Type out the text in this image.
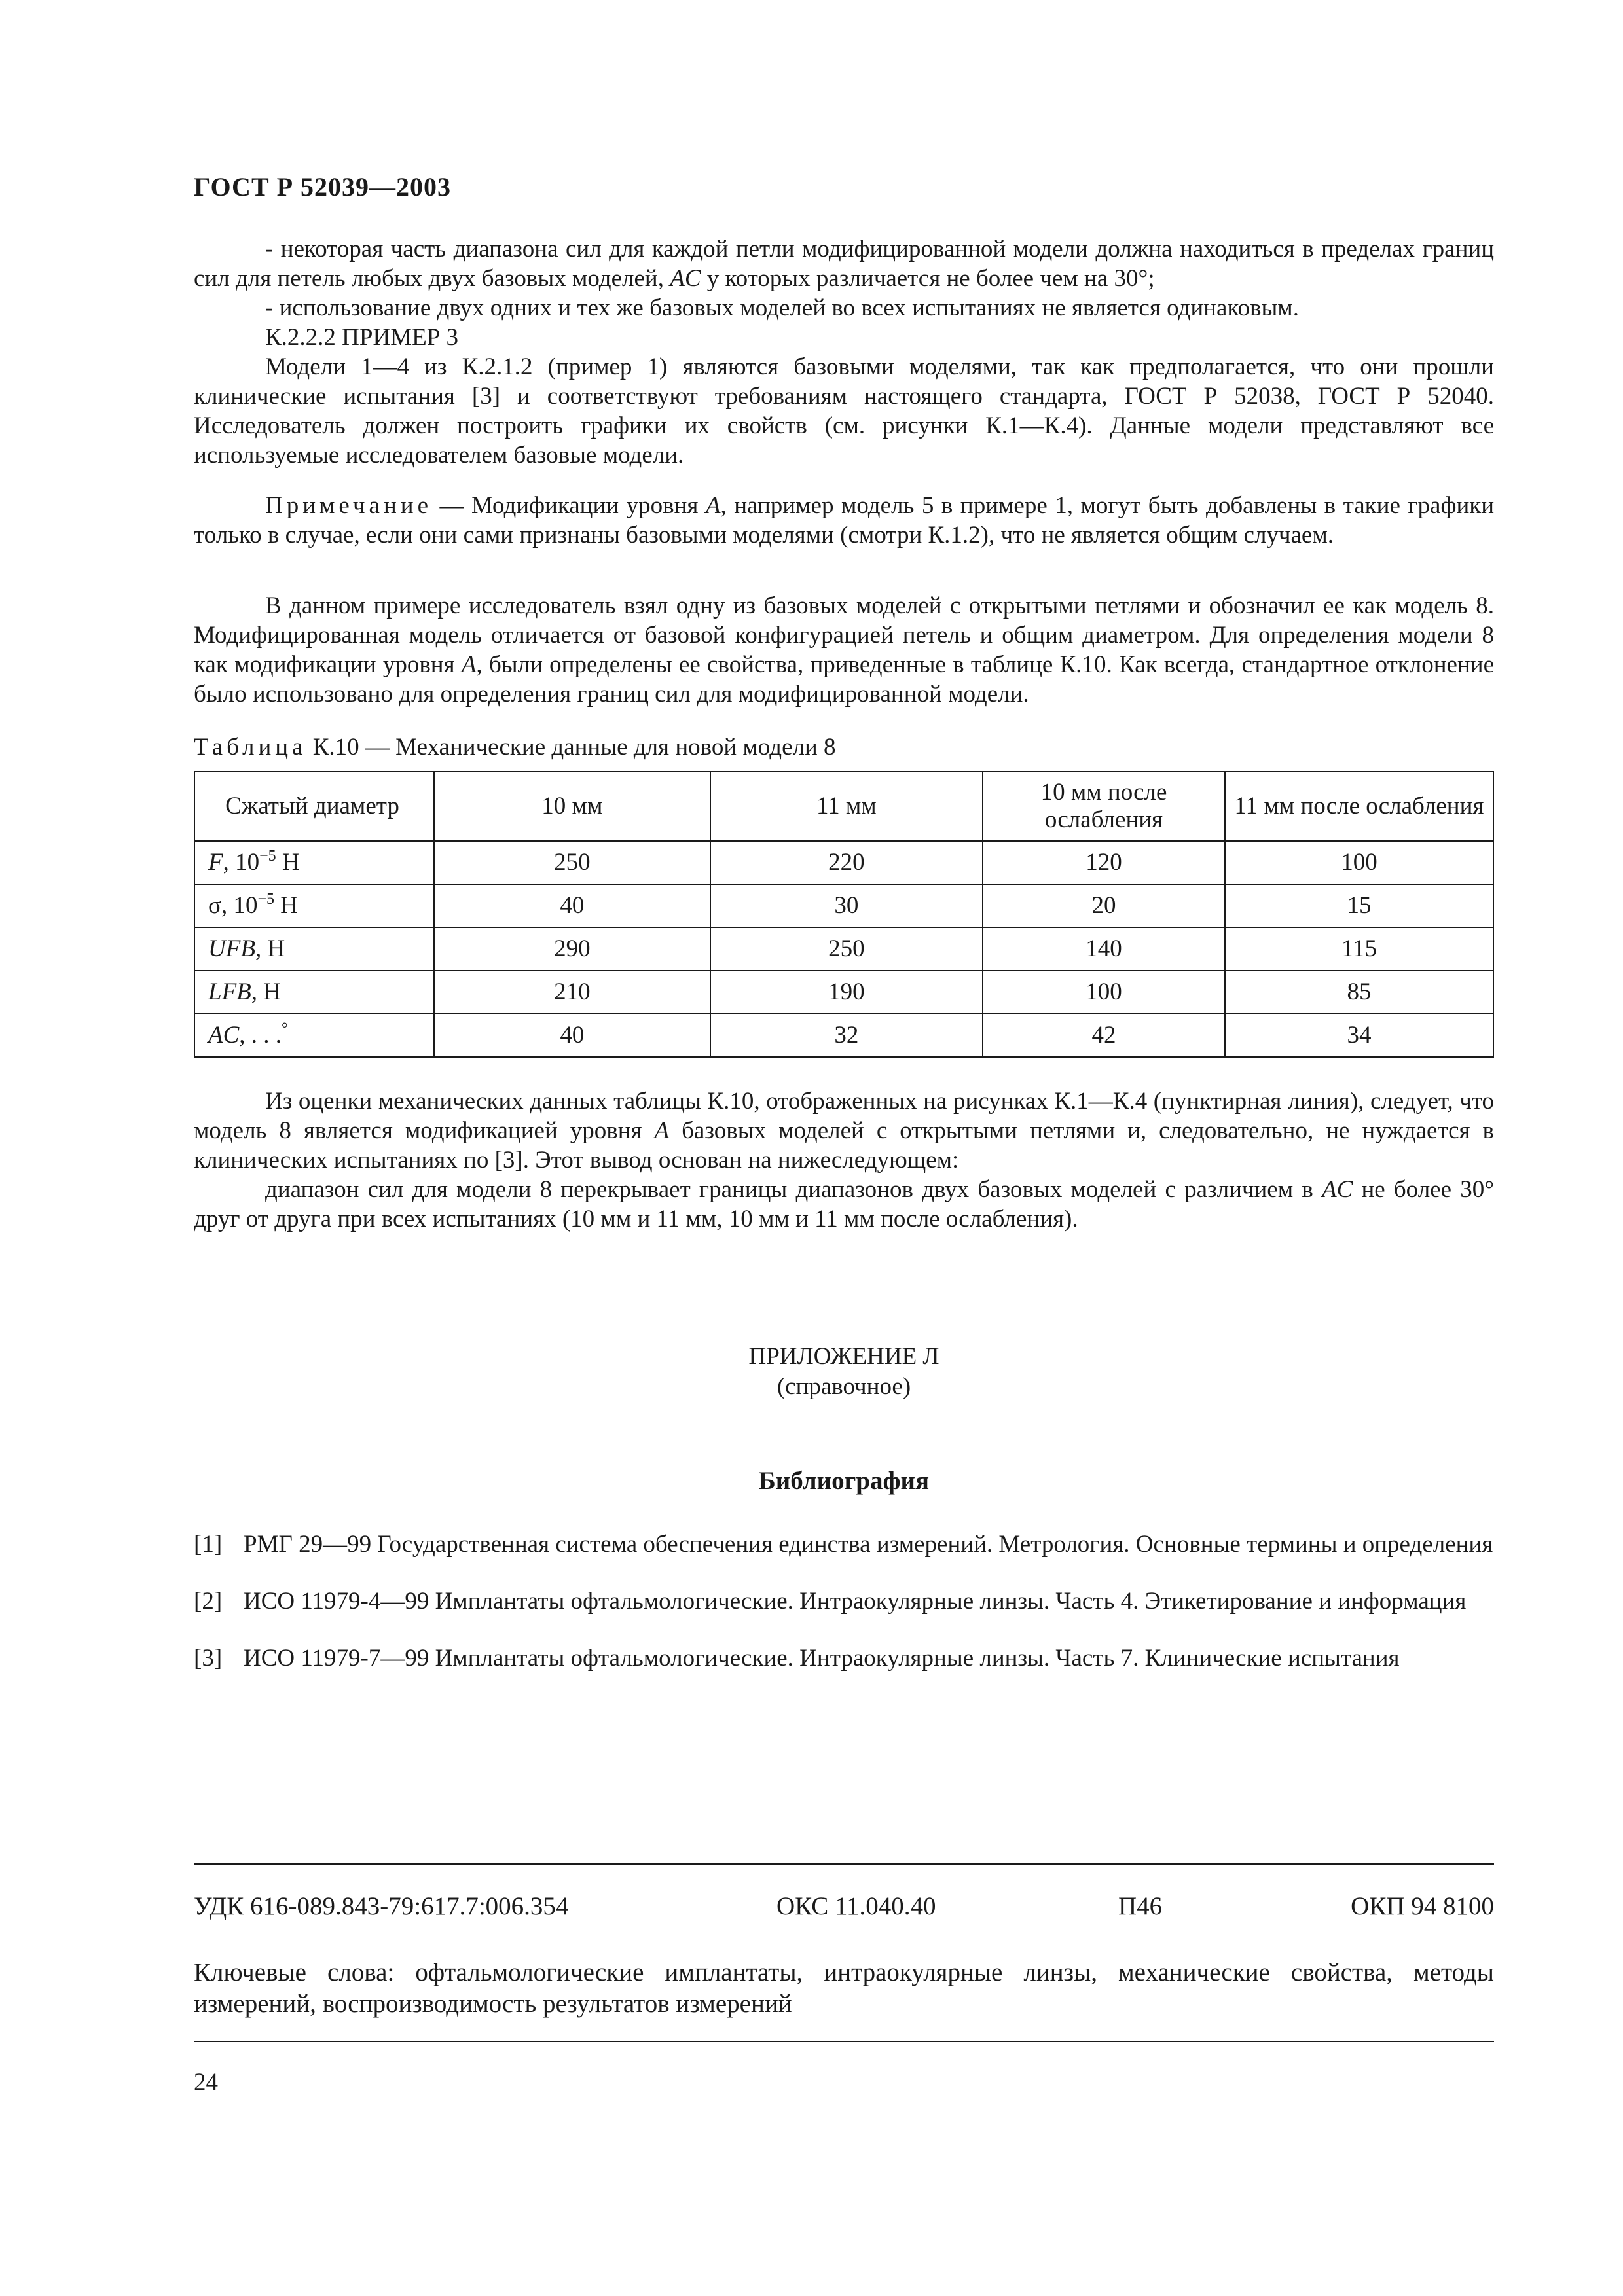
ГОСТ Р 52039—2003

- некоторая часть диапазона сил для каждой петли модифицированной модели должна находиться в пределах границ сил для петель любых двух базовых моделей, AC у которых различается не более чем на 30°;

- использование двух одних и тех же базовых моделей во всех испытаниях не является одинаковым.

К.2.2.2 ПРИМЕР 3

Модели 1—4 из К.2.1.2 (пример 1) являются базовыми моделями, так как предполагается, что они прошли клинические испытания [3] и соответствуют требованиям настоящего стандарта, ГОСТ Р 52038, ГОСТ Р 52040. Исследователь должен построить графики их свойств (см. рисунки К.1—К.4). Данные модели представляют все используемые исследователем базовые модели.

Примечание — Модификации уровня А, например модель 5 в примере 1, могут быть добавлены в такие графики только в случае, если они сами признаны базовыми моделями (смотри К.1.2), что не является общим случаем.

В данном примере исследователь взял одну из базовых моделей с открытыми петлями и обозначил ее как модель 8. Модифицированная модель отличается от базовой конфигурацией петель и общим диаметром. Для определения модели 8 как модификации уровня А, были определены ее свойства, приведенные в таблице К.10. Как всегда, стандартное отклонение было использовано для определения границ сил для модифицированной модели.

Таблица К.10 — Механические данные для новой модели 8
Сжатый диаметр	10 мм	11 мм	10 мм после ослабления	11 мм после ослабления
F, $10^{-5}$ Н	250	220	120	100
σ, $10^{-5}$ Н	40	30	20	15
UFB, Н	290	250	140	115
LFB, Н	210	190	100	85
AC, . . .°	40	32	42	34

Из оценки механических данных таблицы К.10, отображенных на рисунках К.1—К.4 (пунктирная линия), следует, что модель 8 является модификацией уровня А базовых моделей с открытыми петлями и, следовательно, не нуждается в клинических испытаниях по [3]. Этот вывод основан на нижеследующем:

диапазон сил для модели 8 перекрывает границы диапазонов двух базовых моделей с различием в AC не более 30° друг от друга при всех испытаниях (10 мм и 11 мм, 10 мм и 11 мм после ослабления).

ПРИЛОЖЕНИЕ Л
(справочное)
Библиография
[1] РМГ 29—99 Государственная система обеспечения единства измерений. Метрология. Основные термины и определения
[2] ИСО 11979-4—99 Имплантаты офтальмологические. Интраокулярные линзы. Часть 4. Этикетирование и информация
[3] ИСО 11979-7—99 Имплантаты офтальмологические. Интраокулярные линзы. Часть 7. Клинические испытания
УДК 616-089.843-79:617.7:006.354	ОКС 11.040.40	П46	ОКП 94 8100
Ключевые слова: офтальмологические имплантаты, интраокулярные линзы, механические свойства, методы измерений, воспроизводимость результатов измерений
24
